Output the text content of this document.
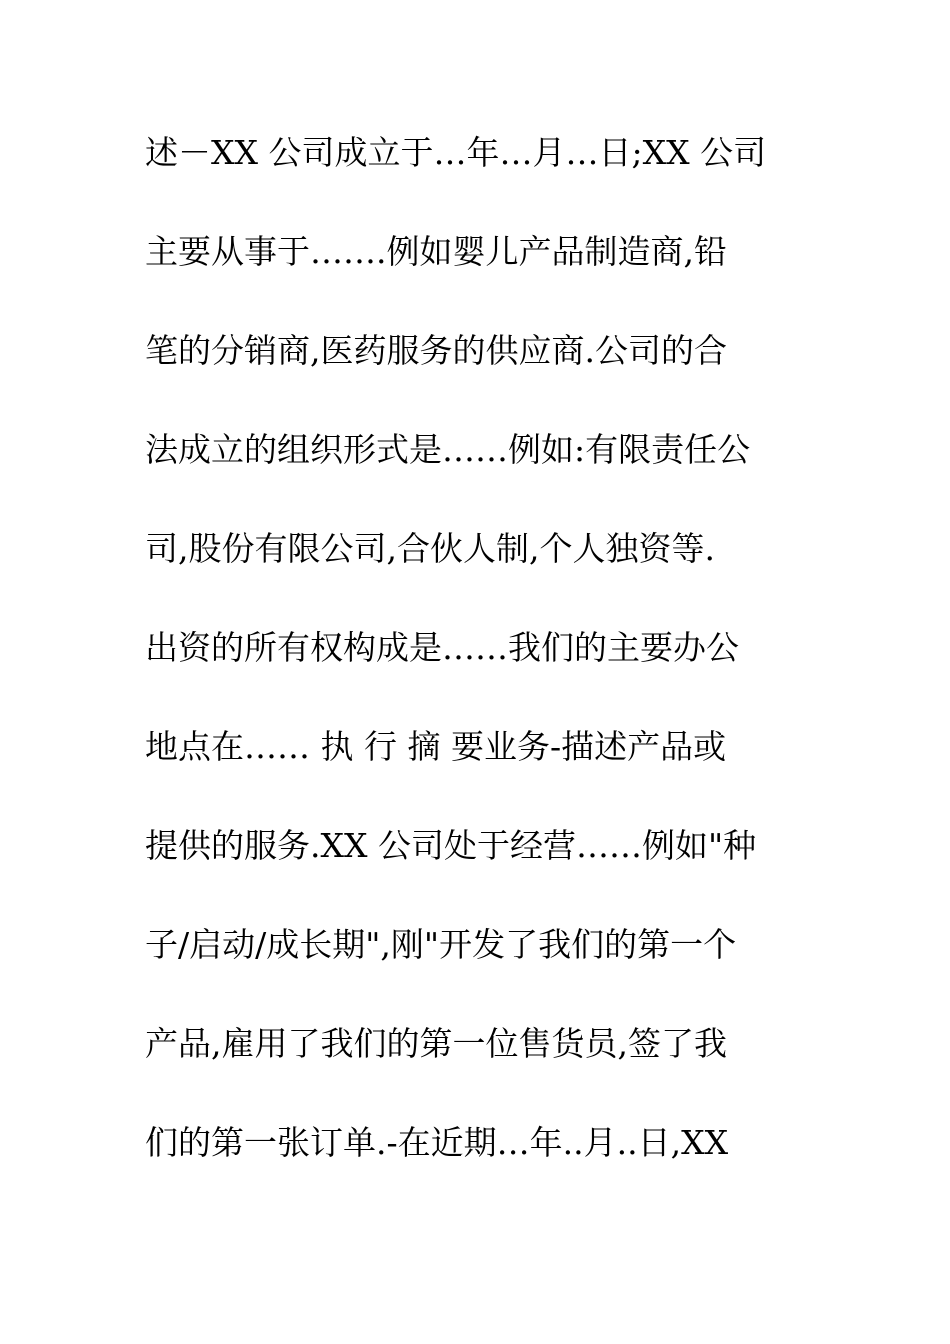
述－XX 公司成立于…年…月…日;XX 公司
主要从事于…….例如婴儿产品制造商,铅
笔的分销商,医药服务的供应商.公司的合
法成立的组织形式是……例如:有限责任公
司,股份有限公司,合伙人制,个人独资等.
出资的所有权构成是……我们的主要办公
地点在…… 执 行 摘 要业务-描述产品或
提供的服务.XX 公司处于经营……例如"种
子/启动/成长期",刚"开发了我们的第一个
产品,雇用了我们的第一位售货员,签了我
们的第一张订单.-在近期…年..月..日,XX
